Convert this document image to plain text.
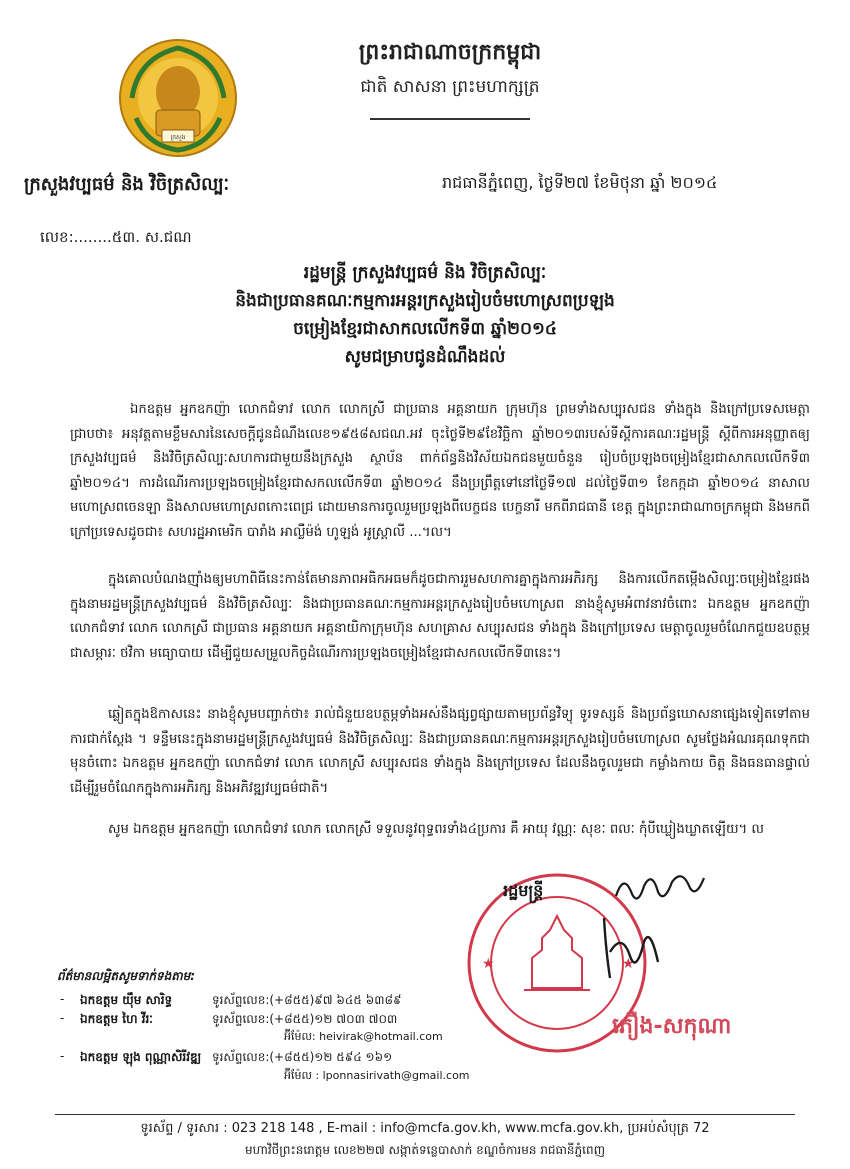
ក្រសួង
ព្រះរាជាណាចក្រកម្ពុជា
ជាតិ សាសនា ព្រះមហាក្សត្រ
ក្រសួងវប្បធម៌ និង វិចិត្រសិល្បៈ	រាជធានីភ្នំពេញ, ថ្ងៃទី២៧ ខែមិថុនា ឆ្នាំ ២០១៤
លេខ:........៥៣. ស.ជណ
រដ្ឋមន្ត្រី ក្រសួងវប្បធម៌ និង វិចិត្រសិល្បៈ
និងជាប្រធានគណៈកម្មការអន្តរក្រសួងរៀបចំមហោស្រពប្រឡង
ចម្រៀងខ្មែរជាសាកលលើកទី៣ ឆ្នាំ២០១៤
សូមជម្រាបជូនដំណឹងដល់
ឯកឧត្តម អ្នកឧកញ៉ា លោកជំទាវ លោក លោកស្រី ជាប្រធាន អគ្គនាយក ក្រុមហ៊ុន ព្រមទាំងសប្បុរសជន ទាំងក្នុង និងក្រៅប្រទេសមេត្តាជ្រាបថា៖ អនុវត្តតាមខ្លឹមសារនៃសេចក្តីជូនដំណឹងលេខ១៩៥៨សជណ.អវ ចុះថ្ងៃទី២៩ខែវិច្ឆិកា ឆ្នាំ២០១៣របស់ទីស្តីការគណៈរដ្ឋមន្ត្រី ស្តីពីការអនុញ្ញាតឲ្យក្រសួងវប្បធម៌ និងវិចិត្រសិល្បៈសហការជាមួយនឹងក្រសួង ស្ថាប័ន ពាក់ព័ន្ធនិងវិស័យឯកជនមួយចំនួន រៀបចំប្រឡងចម្រៀងខ្មែរជាសាកលលើកទី៣ ឆ្នាំ២០១៤។ ការដំណើរការប្រឡងចម្រៀងខ្មែរជាសកលលើកទី៣ ឆ្នាំ២០១៤ នឹងប្រព្រឹត្តទៅនៅថ្ងៃទី១៧ ដល់ថ្ងៃទី៣១ ខែកក្កដា ឆ្នាំ២០១៤ នាសាលមហោស្រពចេនឡា និងសាលមហោស្រពកោះពេជ្រ ដោយមានការចូលរួមប្រឡងពីបេក្ខជន បេក្ខនារី មកពីរាជធានី ខេត្ត ក្នុងព្រះរាជាណាចក្រកម្ពុជា និងមកពីក្រៅប្រទេសដូចជា៖ សហរដ្ឋអាមេរិក បារាំង អាល្លឺម៉ង់ ហូឡង់ អូស្ត្រាលី ...។ល។
ក្នុងគោលបំណងញ៉ាំងឲ្យមហាពិធីនេះកាន់តែមានភាពអធិកអធមក៏ដូចជាការរួមសហការគ្នាក្នុងការអភិរក្ស និងការលើកតម្កើងសិល្បៈចម្រៀងខ្មែរផង ក្នុងនាមរដ្ឋមន្ត្រីក្រសួងវប្បធម៌ និងវិចិត្រសិល្បៈ និងជាប្រធានគណៈកម្មការអន្តរក្រសួងរៀបចំមហោស្រព នាងខ្ញុំសូមអំពាវនាវចំពោះ ឯកឧត្តម អ្នកឧកញ៉ា លោកជំទាវ លោក លោកស្រី ជាប្រធាន អគ្គនាយក អគ្គនាយិកាក្រុមហ៊ុន សហគ្រាស សប្បុរសជន ទាំងក្នុង និងក្រៅប្រទេស មេត្តាចូលរួមចំណែកជួយឧបត្ថម្ភជាសម្ភារៈ ថវិកា មធ្យោបាយ ដើម្បីជួយសម្រួលកិច្ចដំណើរការប្រឡងចម្រៀងខ្មែរជាសកលលើកទី៣នេះ។
ឆ្លៀតក្នុងឱកាសនេះ នាងខ្ញុំសូមបញ្ជាក់ថា៖ រាល់ជំនួយឧបត្ថម្ភទាំងអស់នឹងផ្សព្វផ្សាយតាមប្រព័ន្ធវិទ្យុ ទូរទស្សន៍ និងប្រព័ន្ធឃោសនាផ្សេងទៀតទៅតាមការជាក់ស្តែង ។ ទន្ទឹមនេះក្នុងនាមរដ្ឋមន្ត្រីក្រសួងវប្បធម៌ និងវិចិត្រសិល្បៈ និងជាប្រធានគណៈកម្មការអន្តរក្រសួងរៀបចំមហោស្រព សូមថ្លែងអំណរគុណទុកជាមុនចំពោះ ឯកឧត្តម អ្នកឧកញ៉ា លោកជំទាវ លោក លោកស្រី សប្បុរសជន ទាំងក្នុង និងក្រៅប្រទេស ដែលនឹងចូលរួមជា កម្លាំងកាយ ចិត្ត និងធនធានផ្ទាល់ ដើម្បីរួមចំណែកក្នុងការអភិរក្ស និងអភិវឌ្ឍវប្បធម៌ជាតិ។
សូម ឯកឧត្តម អ្នកឧកញ៉ា លោកជំទាវ លោក លោកស្រី ទទួលនូវពុទ្ធពរទាំង៤ប្រការ គឺ អាយុ វណ្ណៈ សុខៈ ពលៈ កុំបីឃ្លៀងឃ្លាតឡើយ។ ល
★	★
រដ្ឋមន្ត្រី
ភឿង-សកុណា
ព័ត៌មានលម្អិតសូមទាក់ទងតាម:
- ឯកឧត្តម យ៉ឹម សារិទ្ធ	ទូរស័ព្ទលេខ:(+៨៥៥)៩៧ ៦៤៥ ៦៣៨៩
- ឯកឧត្តម ហៃ វីរៈ	ទូរស័ព្ទលេខ:(+៨៥៥)១២ ៧០៣ ៧០៣
អ៊ីម៉ែល: heivirak@hotmail.com
- ឯកឧត្តម ឡុង ពុណ្ណាសិរីវឌ្ឍ ទូរស័ព្ទលេខ:(+៨៥៥)១២ ៥៩៤ ១៦១
អ៊ីម៉ែល : lponnasirivath@gmail.com
ទូរស័ព្ទ / ទូរសារ : 023 218 148 , E-mail : info@mcfa.gov.kh, www.mcfa.gov.kh, ប្រអប់សំបុត្រ 72
មហាវិថីព្រះនរោត្តម លេខ២២៧ សង្កាត់ទន្លេបាសាក់ ខណ្ឌចំការមន រាជធានីភ្នំពេញ
